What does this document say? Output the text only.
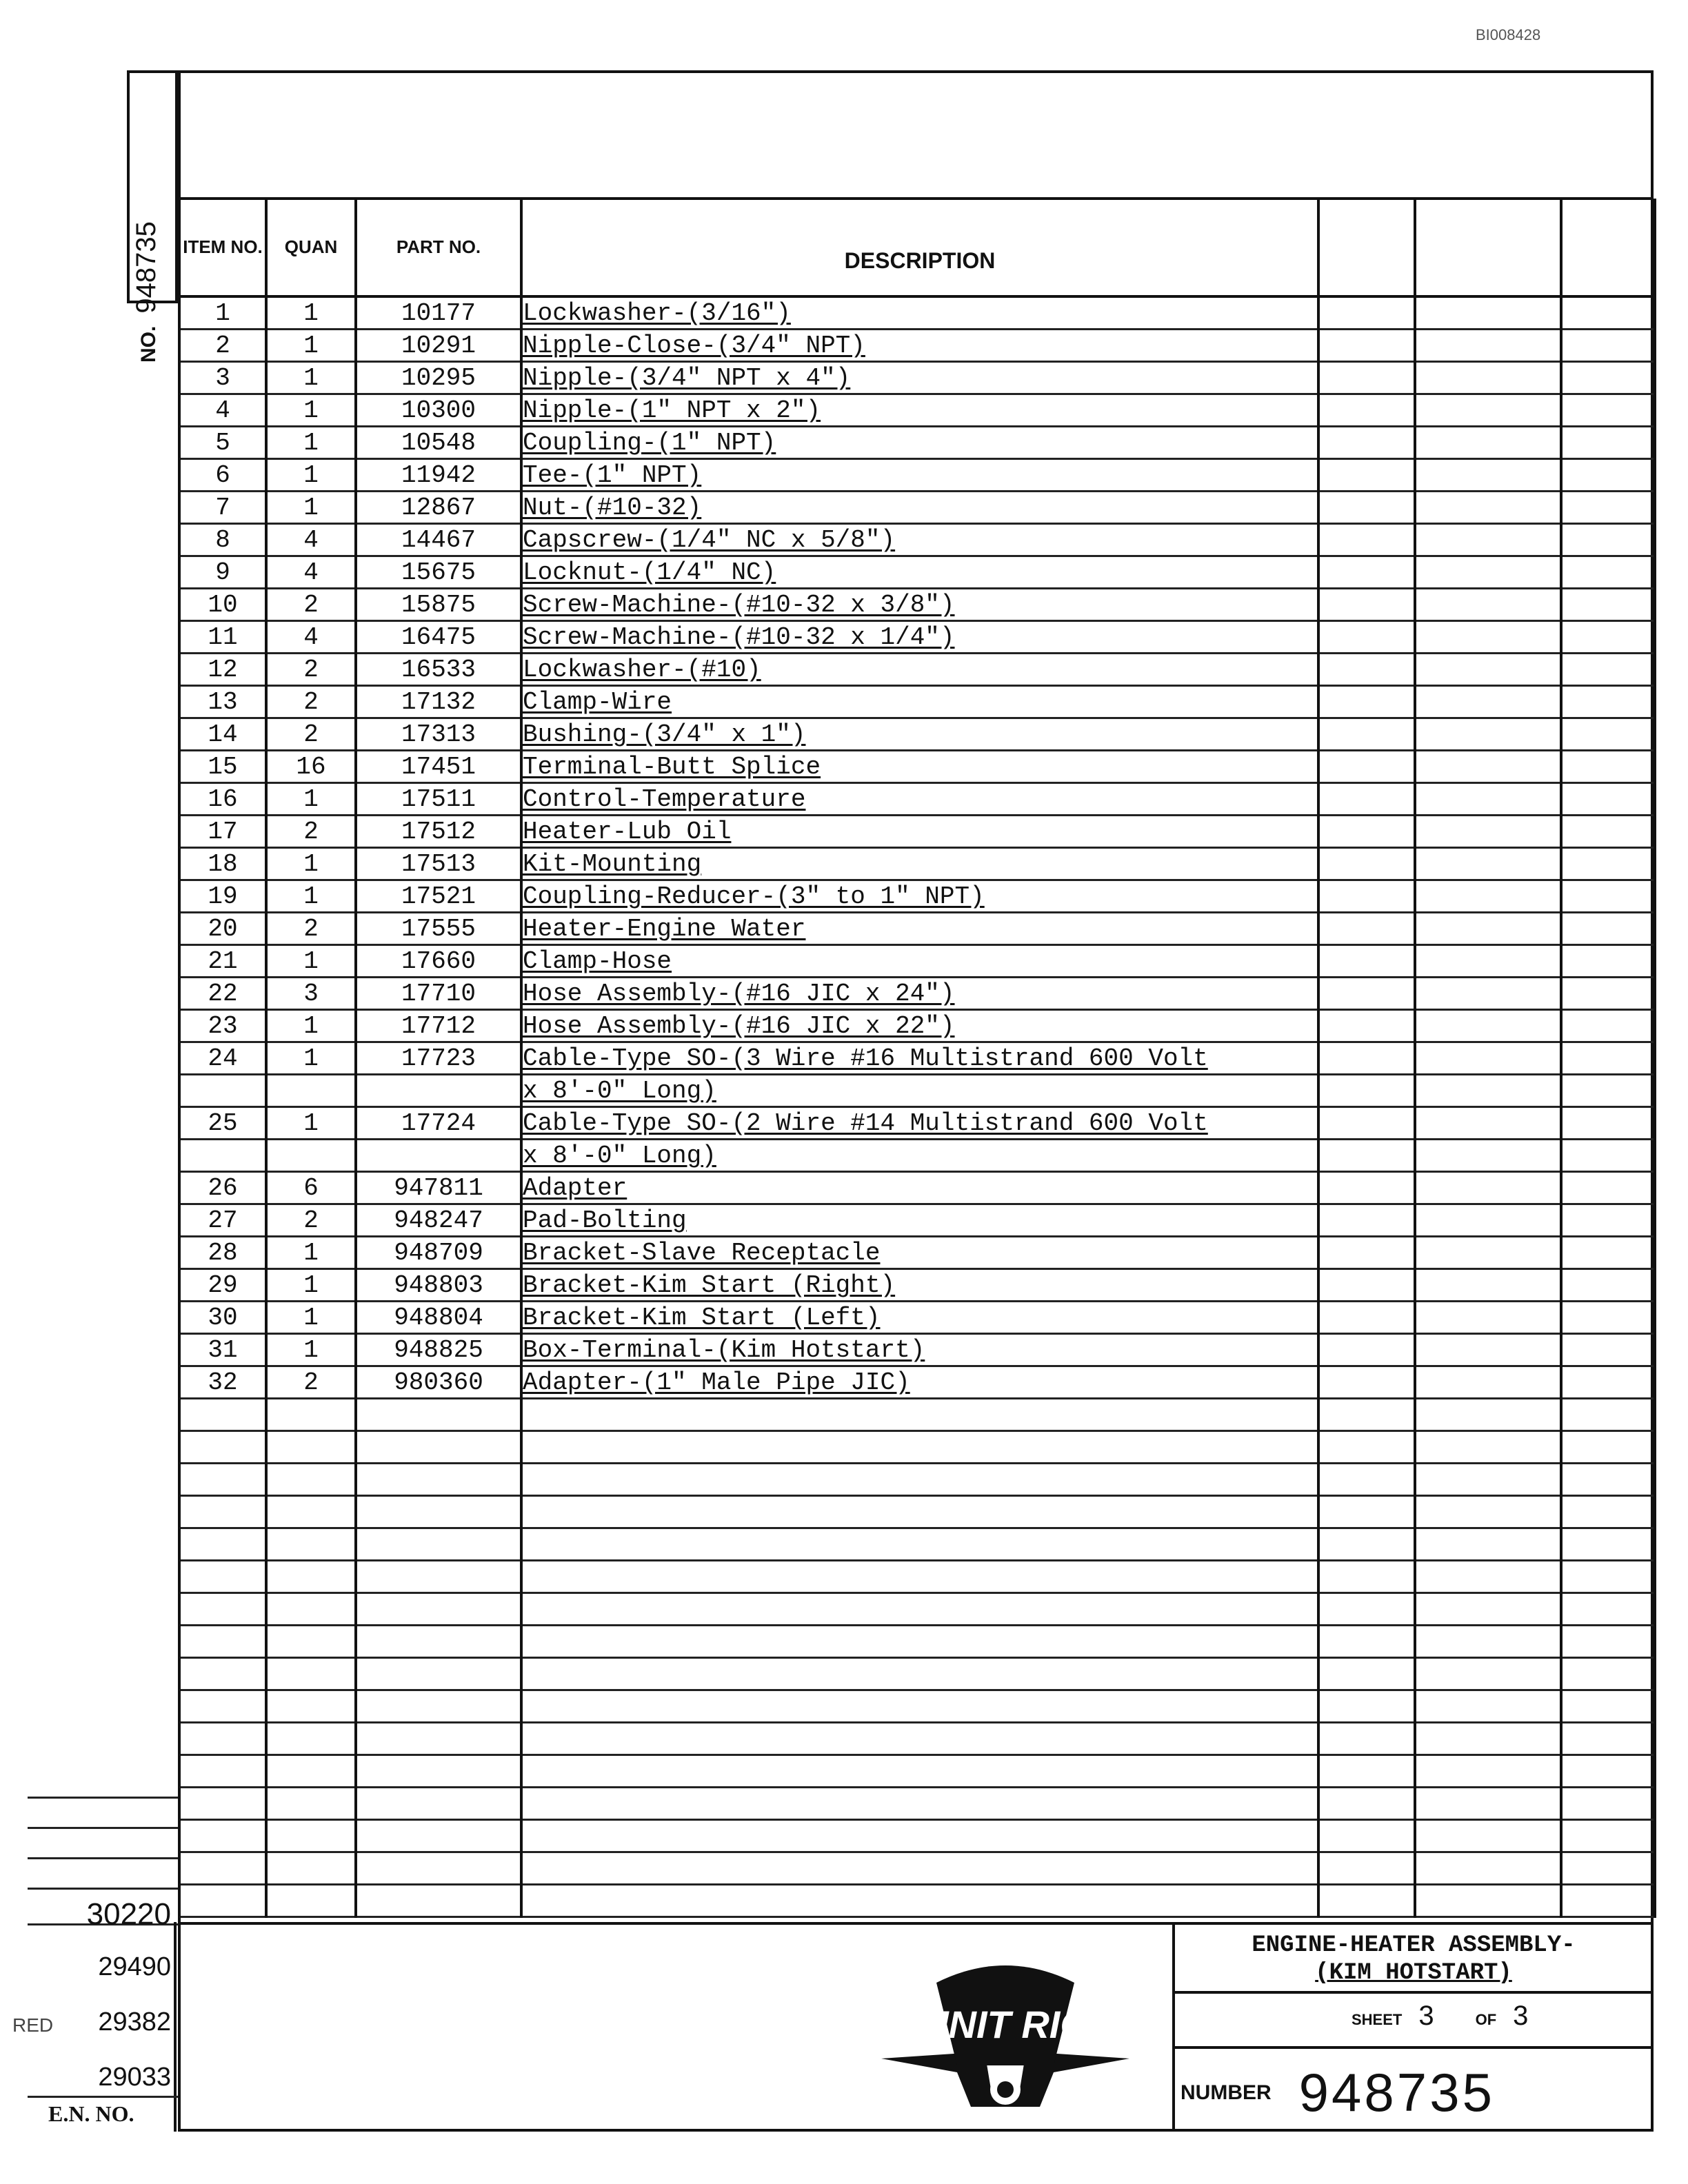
BI008428
NO.948735 ITEM NO.	QUAN	PART NO.	DESCRIPTION			
1	1	10177	Lockwasher-(3/16")			
2	1	10291	Nipple-Close-(3/4" NPT)			
3	1	10295	Nipple-(3/4" NPT x 4")			
4	1	10300	Nipple-(1" NPT x 2")			
5	1	10548	Coupling-(1" NPT)			
6	1	11942	Tee-(1" NPT)			
7	1	12867	Nut-(#10-32)			
8	4	14467	Capscrew-(1/4" NC x 5/8")			
9	4	15675	Locknut-(1/4" NC)			
10	2	15875	Screw-Machine-(#10-32 x 3/8")			
11	4	16475	Screw-Machine-(#10-32 x 1/4")			
12	2	16533	Lockwasher-(#10)			
13	2	17132	Clamp-Wire			
14	2	17313	Bushing-(3/4" x 1")			
15	16	17451	Terminal-Butt Splice			
16	1	17511	Control-Temperature			
17	2	17512	Heater-Lub Oil			
18	1	17513	Kit-Mounting			
19	1	17521	Coupling-Reducer-(3" to 1" NPT)			
20	2	17555	Heater-Engine Water			
21	1	17660	Clamp-Hose			
22	3	17710	Hose Assembly-(#16 JIC x 24")			
23	1	17712	Hose Assembly-(#16 JIC x 22")			
24	1	17723	Cable-Type SO-(3 Wire #16 Multistrand 600 Volt			
			x 8'-0" Long)			
25	1	17724	Cable-Type SO-(2 Wire #14 Multistrand 600 Volt			
			x 8'-0" Long)			
26	6	947811	Adapter			
27	2	948247	Pad-Bolting			
28	1	948709	Bracket-Slave Receptacle			
29	1	948803	Bracket-Kim Start (Right)			
30	1	948804	Bracket-Kim Start (Left)			
31	1	948825	Box-Terminal-(Kim Hotstart)			
32	2	980360	Adapter-(1" Male Pipe JIC)			

ENGINE-HEATER ASSEMBLY-
(KIM HOTSTART)
SHEET 3	OF 3
NUMBER 948735
UNIT RIG
30220
29490
29382
RED
29033
E.N. NO.
